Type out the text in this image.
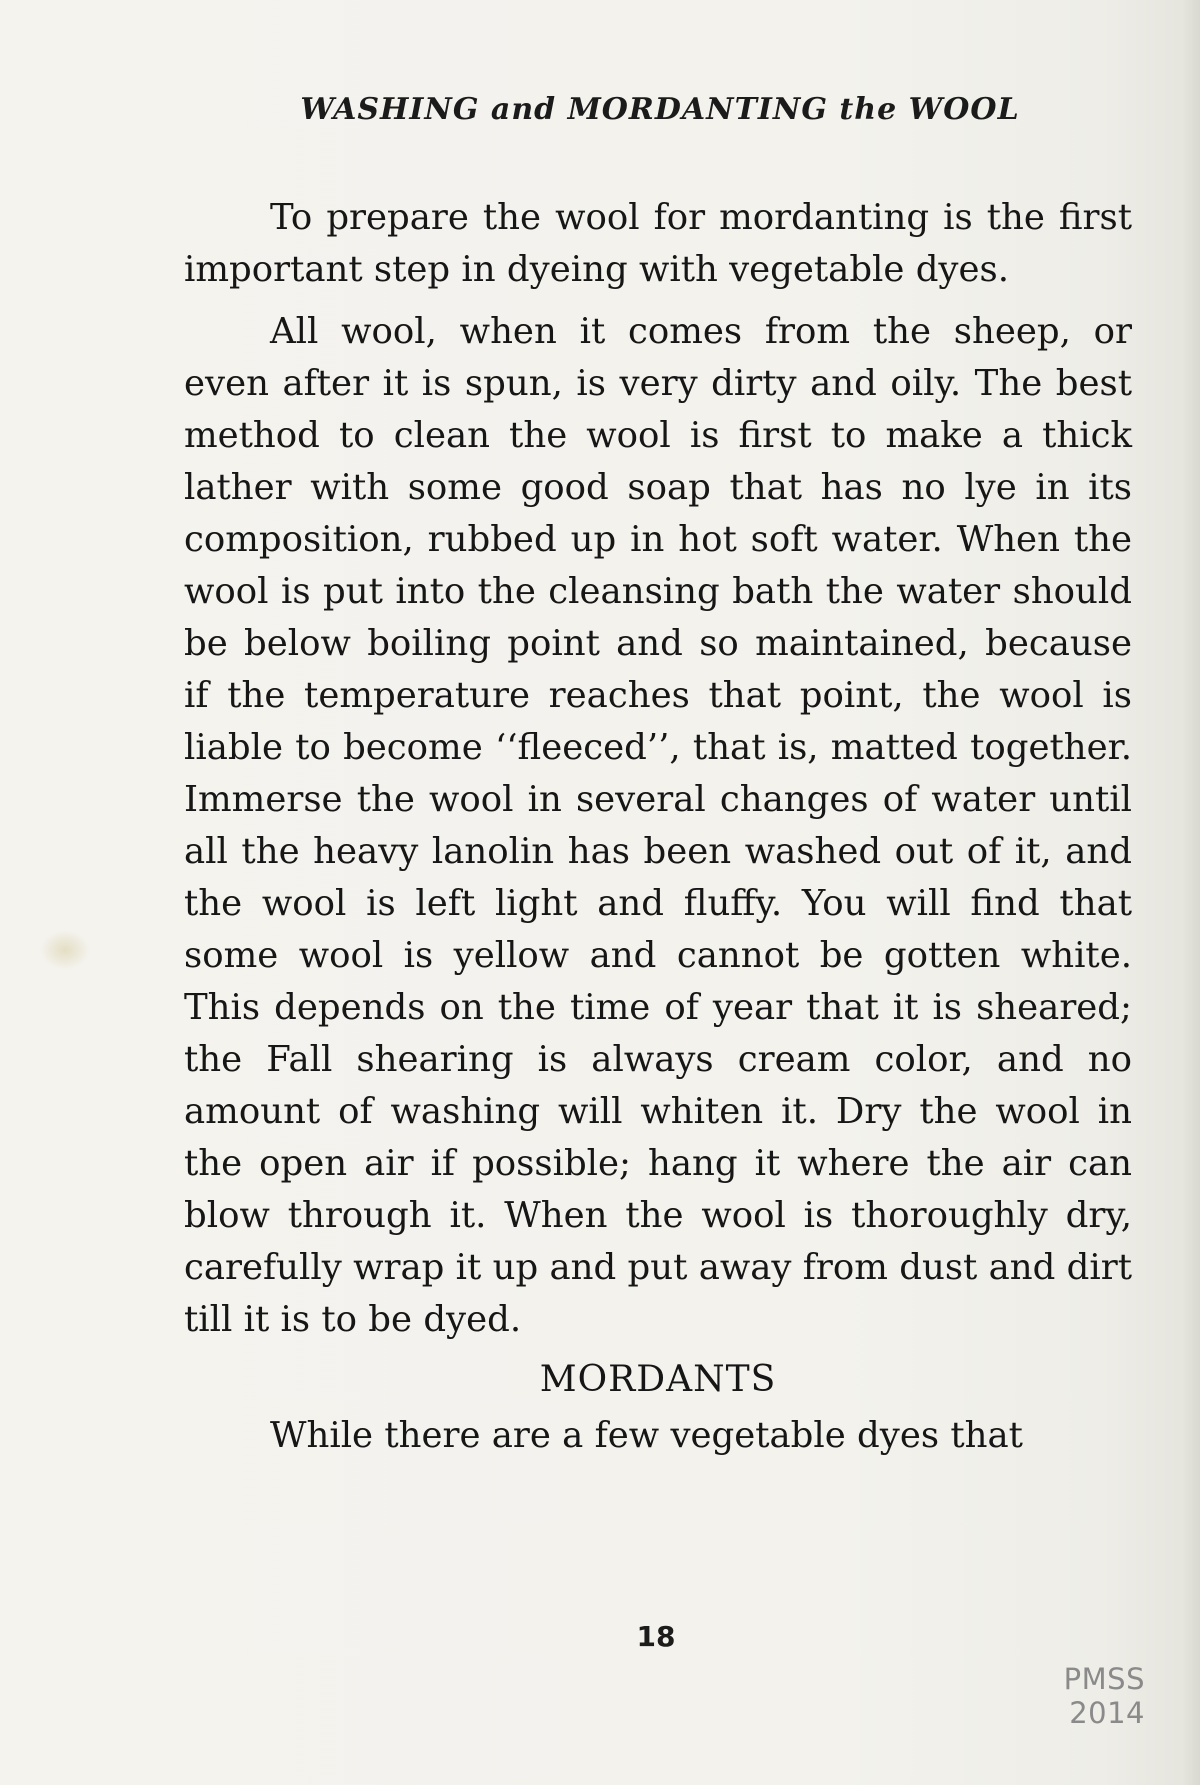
WASHING and MORDANTING the WOOL

To prepare the wool for mordanting is the first important step in dyeing with vegetable dyes.

All wool, when it comes from the sheep, or even after it is spun, is very dirty and oily. The best method to clean the wool is first to make a thick lather with some good soap that has no lye in its composition, rubbed up in hot soft water. When the wool is put into the cleansing bath the water should be below boiling point and so maintained, because if the temperature reaches that point, the wool is liable to become ‘‘fleeced’’, that is, matted together. Immerse the wool in several changes of water until all the heavy lanolin has been washed out of it, and the wool is left light and fluffy. You will find that some wool is yellow and cannot be gotten white. This depends on the time of year that it is sheared; the Fall shearing is always cream color, and no amount of washing will whiten it. Dry the wool in the open air if possible; hang it where the air can blow through it. When the wool is thoroughly dry, carefully wrap it up and put away from dust and dirt till it is to be dyed.

MORDANTS

While there are a few vegetable dyes that

18
PMSS 2014
